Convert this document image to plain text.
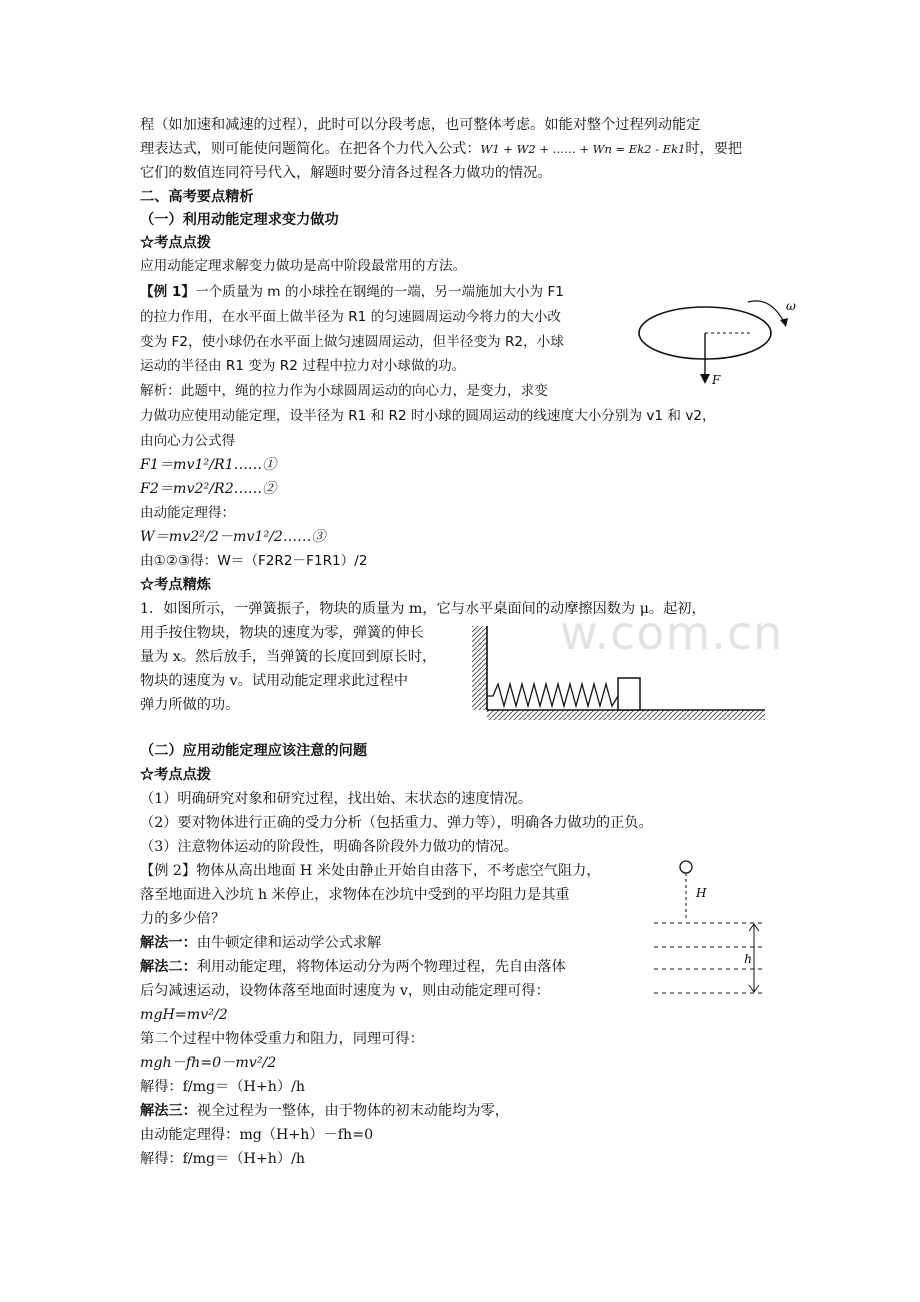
程（如加速和减速的过程），此时可以分段考虑，也可整体考虑。如能对整个过程列动能定
理表达式，则可能使问题简化。在把各个力代入公式：W1 + W2 + …… + Wn = Ek2 - Ek1时，要把
它们的数值连同符号代入，解题时要分清各过程各力做功的情况。
二、高考要点精析
（一）利用动能定理求变力做功
☆考点点拨
应用动能定理求解变力做功是高中阶段最常用的方法。
【例 1】一个质量为 m 的小球拴在钢绳的一端，另一端施加大小为 F1
的拉力作用，在水平面上做半径为 R1 的匀速圆周运动今将力的大小改
变为 F2，使小球仍在水平面上做匀速圆周运动，但半径变为 R2，小球
运动的半径由 R1 变为 R2 过程中拉力对小球做的功。
解析：此题中，绳的拉力作为小球圆周运动的向心力，是变力，求变
力做功应使用动能定理，设半径为 R1 和 R2 时小球的圆周运动的线速度大小分别为 v1 和 v2，
由向心力公式得
F1＝mv1²/R1……①
F2＝mv2²/R2……②
由动能定理得：
W＝mv2²/2－mv1²/2……③
由①②③得：W＝（F2R2－F1R1）/2
ω
F
☆考点精炼
1．如图所示，一弹簧振子，物块的质量为 m，它与水平桌面间的动摩擦因数为 μ。起初，
用手按住物块，物块的速度为零，弹簧的伸长
量为 x。然后放手，当弹簧的长度回到原长时，
物块的速度为 v。试用动能定理求此过程中
弹力所做的功。
w.com.cn
（二）应用动能定理应该注意的问题
☆考点点拨
（1）明确研究对象和研究过程，找出始、末状态的速度情况。
（2）要对物体进行正确的受力分析（包括重力、弹力等），明确各力做功的正负。
（3）注意物体运动的阶段性，明确各阶段外力做功的情况。
【例 2】物体从高出地面 H 米处由静止开始自由落下，不考虑空气阻力，
落至地面进入沙坑 h 米停止，求物体在沙坑中受到的平均阻力是其重
力的多少倍？
解法一：由牛顿定律和运动学公式求解
解法二：利用动能定理，将物体运动分为两个物理过程，先自由落体
后匀减速运动，设物体落至地面时速度为 v，则由动能定理可得：
mgH=mv²/2
第二个过程中物体受重力和阻力，同理可得：
mgh－fh=0－mv²/2
解得：f/mg＝（H+h）/h
解法三：视全过程为一整体，由于物体的初末动能均为零，
由动能定理得：mg（H+h）－fh=0
解得：f/mg＝（H+h）/h
H
h
